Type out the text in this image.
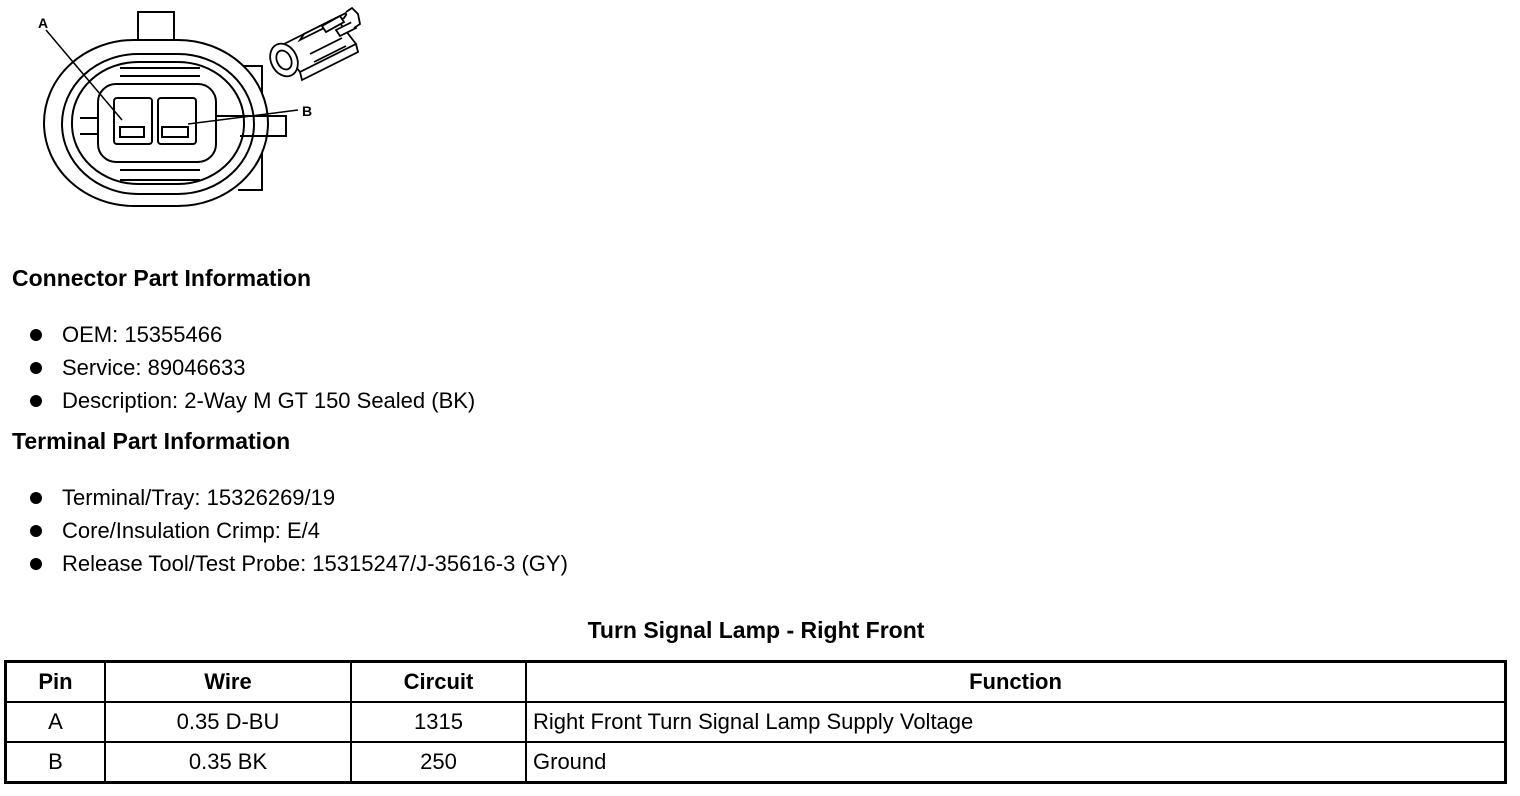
A
B
Connector Part Information
OEM: 15355466
Service: 89046633
Description: 2-Way M GT 150 Sealed (BK)
Terminal Part Information
Terminal/Tray: 15326269/19
Core/Insulation Crimp: E/4
Release Tool/Test Probe: 15315247/J-35616-3 (GY)
Turn Signal Lamp - Right Front
Pin	Wire	Circuit	Function
A	0.35 D-BU	1315	Right Front Turn Signal Lamp Supply Voltage
B	0.35 BK	250	Ground
